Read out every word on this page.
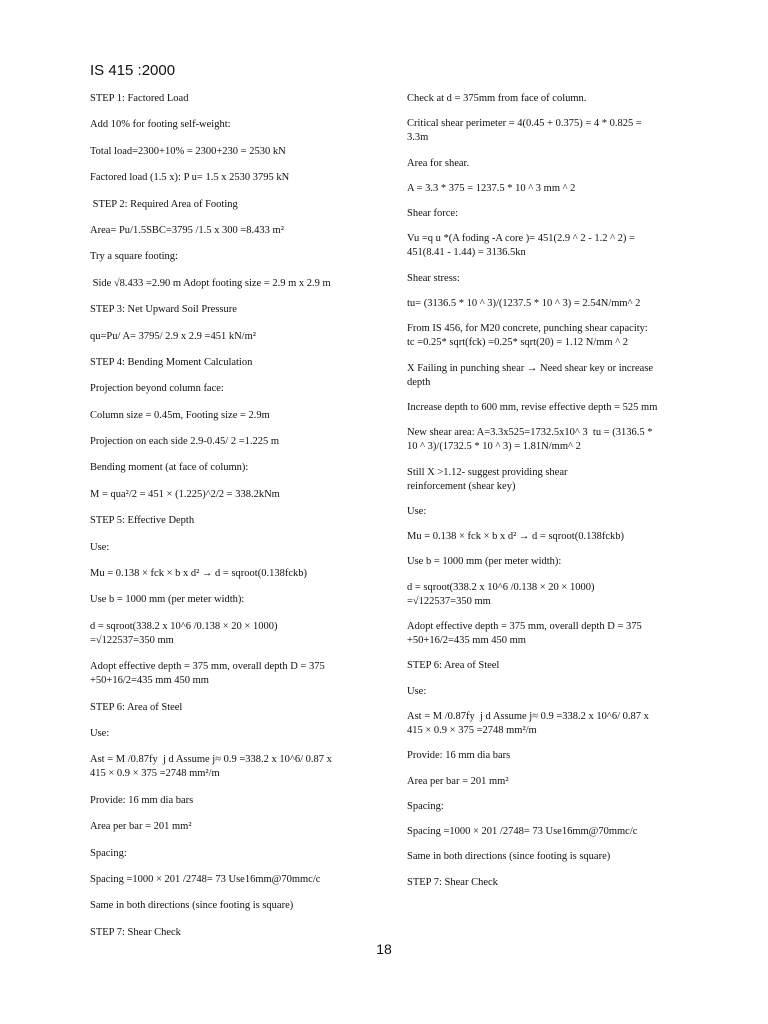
IS 415 :2000
STEP 1: Factored Load
Add 10% for footing self-weight:
Total load=2300+10% = 2300+230 = 2530 kN
Factored load (1.5 x): P u= 1.5 x 2530 3795 kN
STEP 2: Required Area of Footing
Area= Pu/1.5SBC=3795 /1.5 x 300 =8.433 m²
Try a square footing:
Side √8.433 =2.90 m Adopt footing size = 2.9 m x 2.9 m
STEP 3: Net Upward Soil Pressure
qu=Pu/ A= 3795/ 2.9 x 2.9 =451 kN/m²
STEP 4: Bending Moment Calculation
Projection beyond column face:
Column size = 0.45m, Footing size = 2.9m
Projection on each side 2.9-0.45/ 2 =1.225 m
Bending moment (at face of column):
M = qua²/2 = 451 × (1.225)^2/2 = 338.2kNm
STEP 5: Effective Depth
Use:
Mu = 0.138 × fck × b x d² → d = sqroot(0.138fckb)
Use b = 1000 mm (per meter width):
d = sqroot(338.2 x 10^6 /0.138 × 20 × 1000)
=√122537=350 mm
Adopt effective depth = 375 mm, overall depth D = 375
+50+16/2=435 mm 450 mm
STEP 6: Area of Steel
Use:
Ast = M /0.87fy  j d Assume j≈ 0.9 =338.2 x 10^6/ 0.87 x
415 × 0.9 × 375 =2748 mm²/m
Provide: 16 mm dia bars
Area per bar = 201 mm²
Spacing:
Spacing =1000 × 201 /2748= 73 Use16mm@70mmc/c
Same in both directions (since footing is square)
STEP 7: Shear Check
Check at d = 375mm from face of column.
Critical shear perimeter = 4(0.45 + 0.375) = 4 * 0.825 =
3.3m
Area for shear.
A = 3.3 * 375 = 1237.5 * 10 ^ 3 mm ^ 2
Shear force:
Vu =q u *(A foding -A core )= 451(2.9 ^ 2 - 1.2 ^ 2) =
451(8.41 - 1.44) = 3136.5kn
Shear stress:
tu= (3136.5 * 10 ^ 3)/(1237.5 * 10 ^ 3) = 2.54N/mm^ 2
From IS 456, for M20 concrete, punching shear capacity:
tc =0.25* sqrt(fck) =0.25* sqrt(20) = 1.12 N/mm ^ 2
X Failing in punching shear → Need shear key or increase
depth
Increase depth to 600 mm, revise effective depth = 525 mm
New shear area: A=3.3x525=1732.5x10^ 3  tu = (3136.5 *
10 ^ 3)/(1732.5 * 10 ^ 3) = 1.81N/mm^ 2
Still X >1.12- suggest providing shear
reinforcement (shear key)
Use:
Mu = 0.138 × fck × b x d² → d = sqroot(0.138fckb)
Use b = 1000 mm (per meter width):
d = sqroot(338.2 x 10^6 /0.138 × 20 × 1000)
=√122537=350 mm
Adopt effective depth = 375 mm, overall depth D = 375
+50+16/2=435 mm 450 mm
STEP 6: Area of Steel
Use:
Ast = M /0.87fy  j d Assume j≈ 0.9 =338.2 x 10^6/ 0.87 x
415 × 0.9 × 375 =2748 mm²/m
Provide: 16 mm dia bars
Area per bar = 201 mm²
Spacing:
Spacing =1000 × 201 /2748= 73 Use16mm@70mmc/c
Same in both directions (since footing is square)
STEP 7: Shear Check
18
